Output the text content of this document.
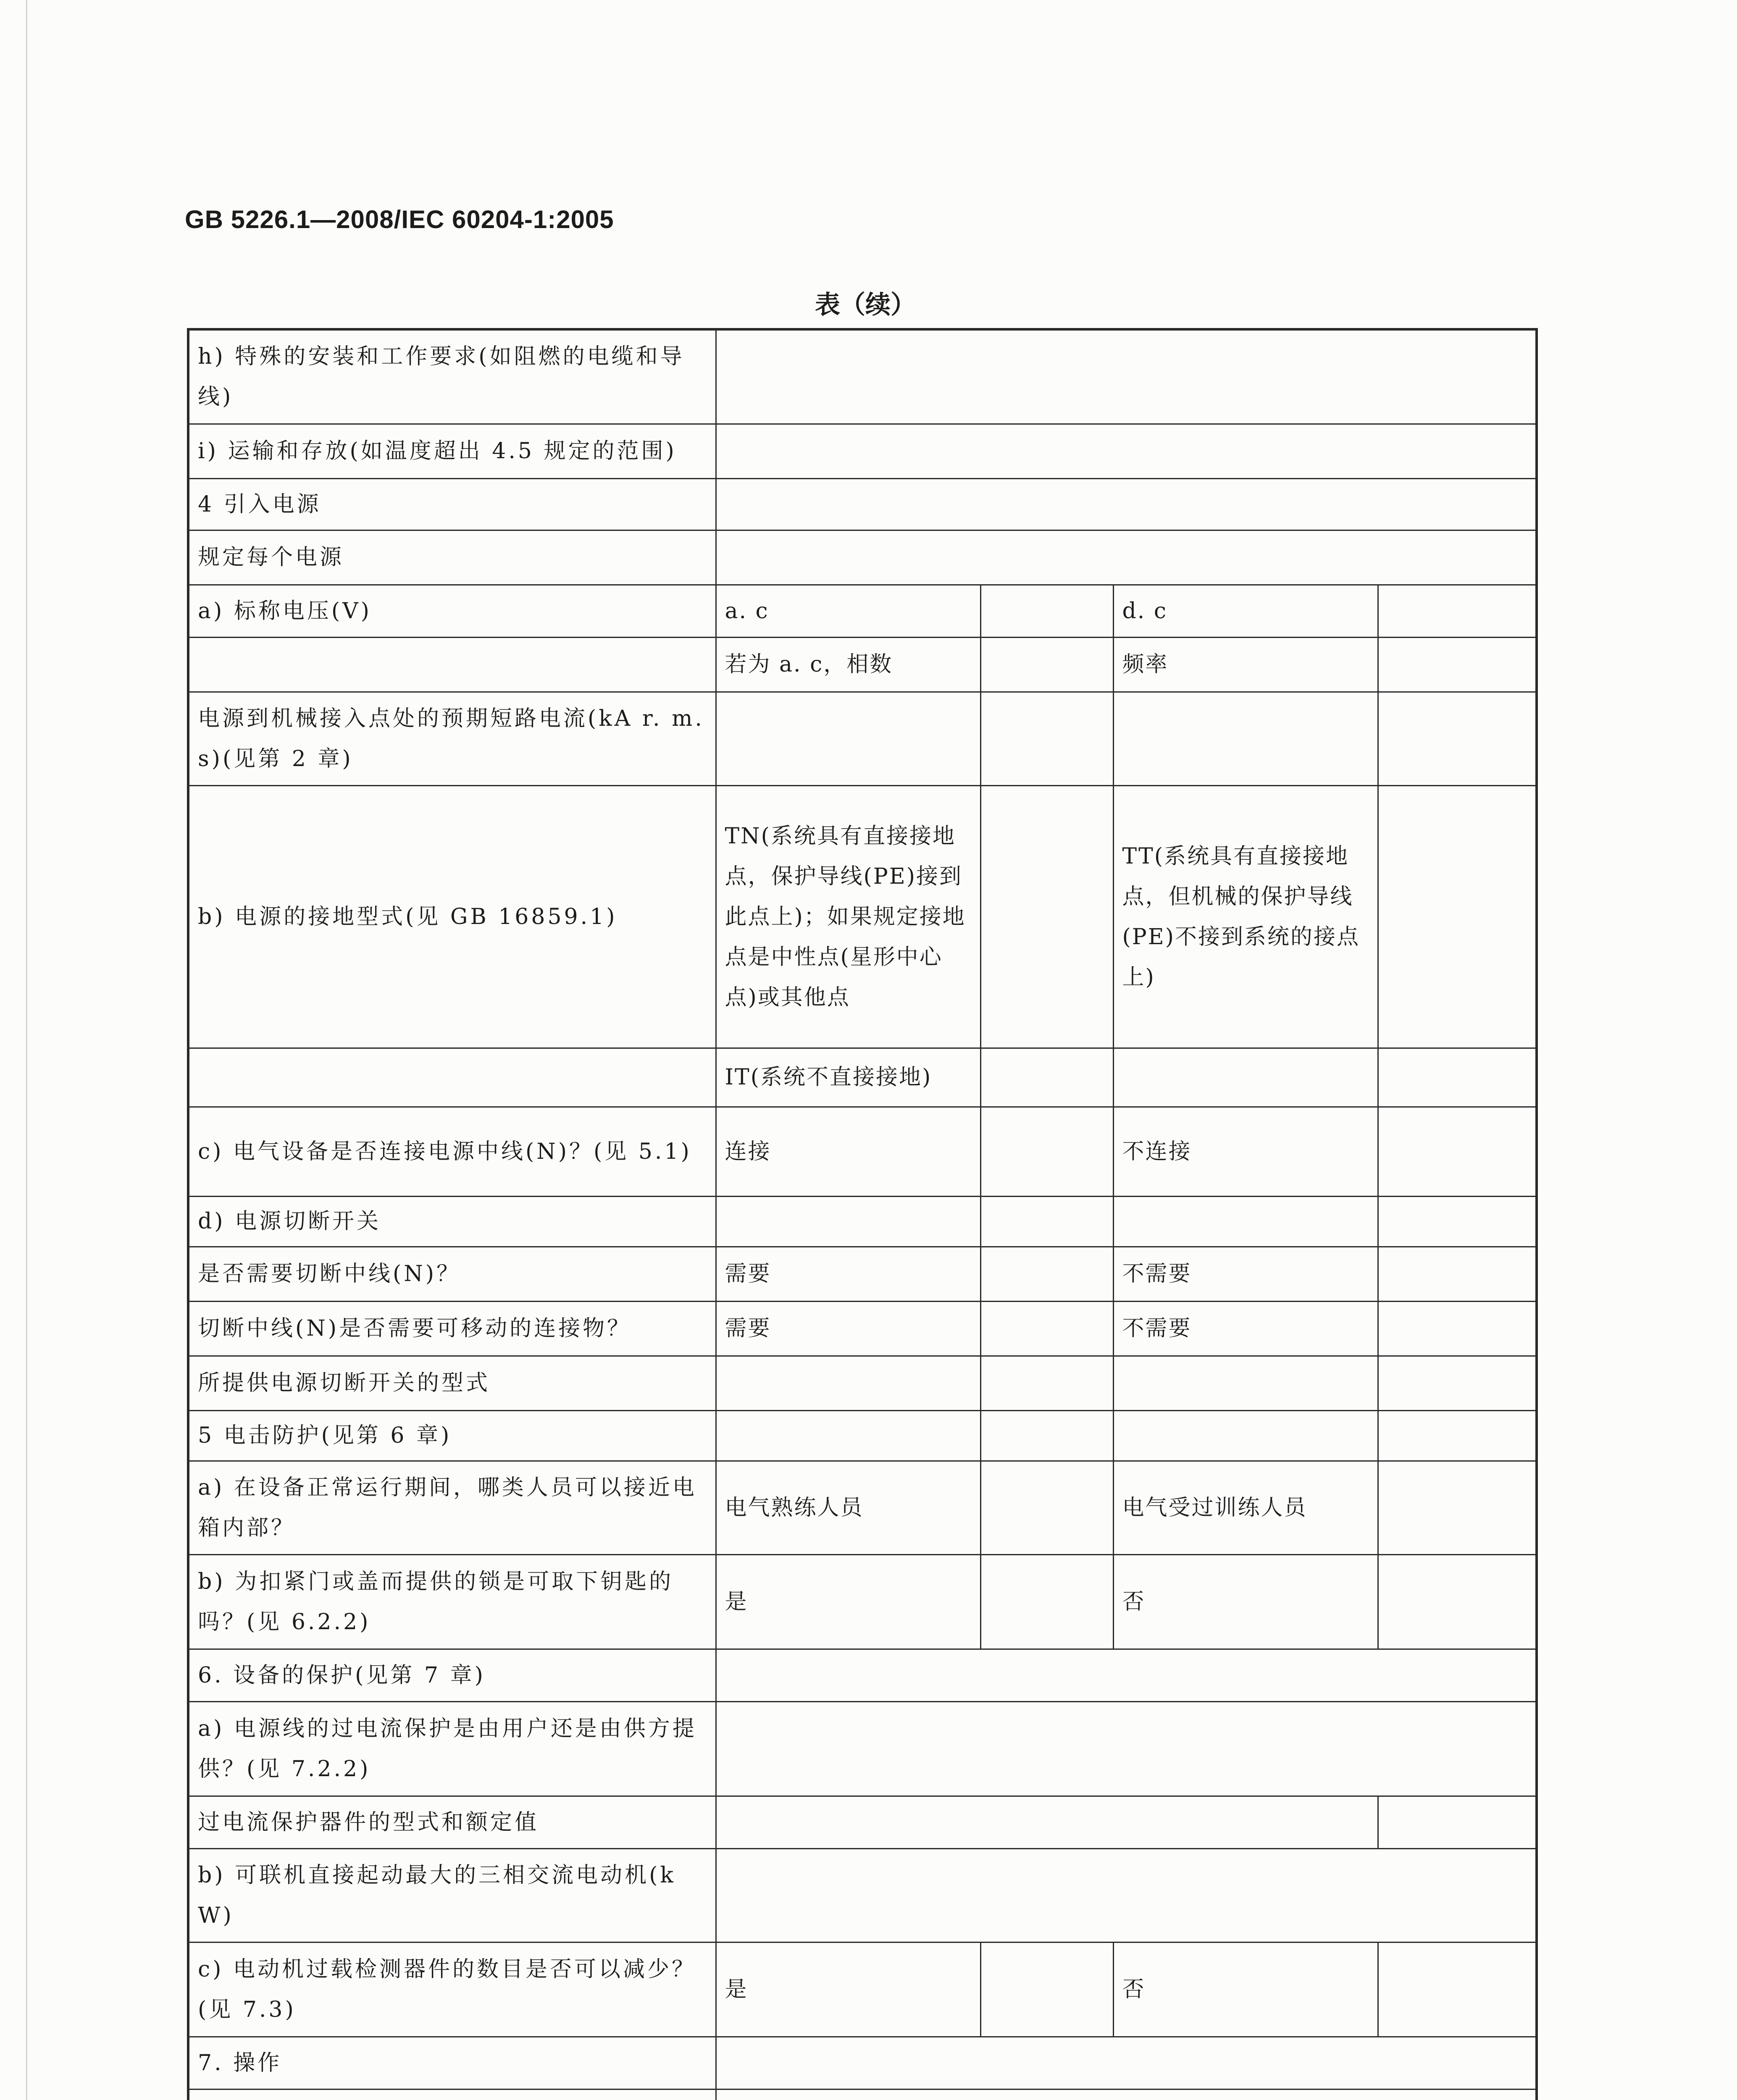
GB 5226.1—2008/IEC 60204-1:2005
表（续）
h) 特殊的安装和工作要求(如阻燃的电缆和导线)				
i) 运输和存放(如温度超出 4.5 规定的范围)				
4 引入电源				
规定每个电源				
a) 标称电压(V)	a. c		d. c	
	若为 a. c，相数		频率	
电源到机械接入点处的预期短路电流(kA r. m. s)(见第 2 章)				
b) 电源的接地型式(见 GB 16859.1)	TN(系统具有直接接地点，保护导线(PE)接到此点上)；如果规定接地点是中性点(星形中心点)或其他点		TT(系统具有直接接地点，但机械的保护导线(PE)不接到系统的接点上)	
	IT(系统不直接接地)			
c) 电气设备是否连接电源中线(N)？(见 5.1)	连接		不连接	
d) 电源切断开关				
是否需要切断中线(N)？	需要		不需要	
切断中线(N)是否需要可移动的连接物？	需要		不需要	
所提供电源切断开关的型式				
5 电击防护(见第 6 章)				
a) 在设备正常运行期间，哪类人员可以接近电箱内部？	电气熟练人员		电气受过训练人员	
b) 为扣紧门或盖而提供的锁是可取下钥匙的吗？(见 6.2.2)	是		否	
6. 设备的保护(见第 7 章)				
a) 电源线的过电流保护是由用户还是由供方提供？(见 7.2.2)				
过电流保护器件的型式和额定值				
b) 可联机直接起动最大的三相交流电动机(kW)				
c) 电动机过载检测器件的数目是否可以减少？(见 7.3)	是		否	
7. 操作				
